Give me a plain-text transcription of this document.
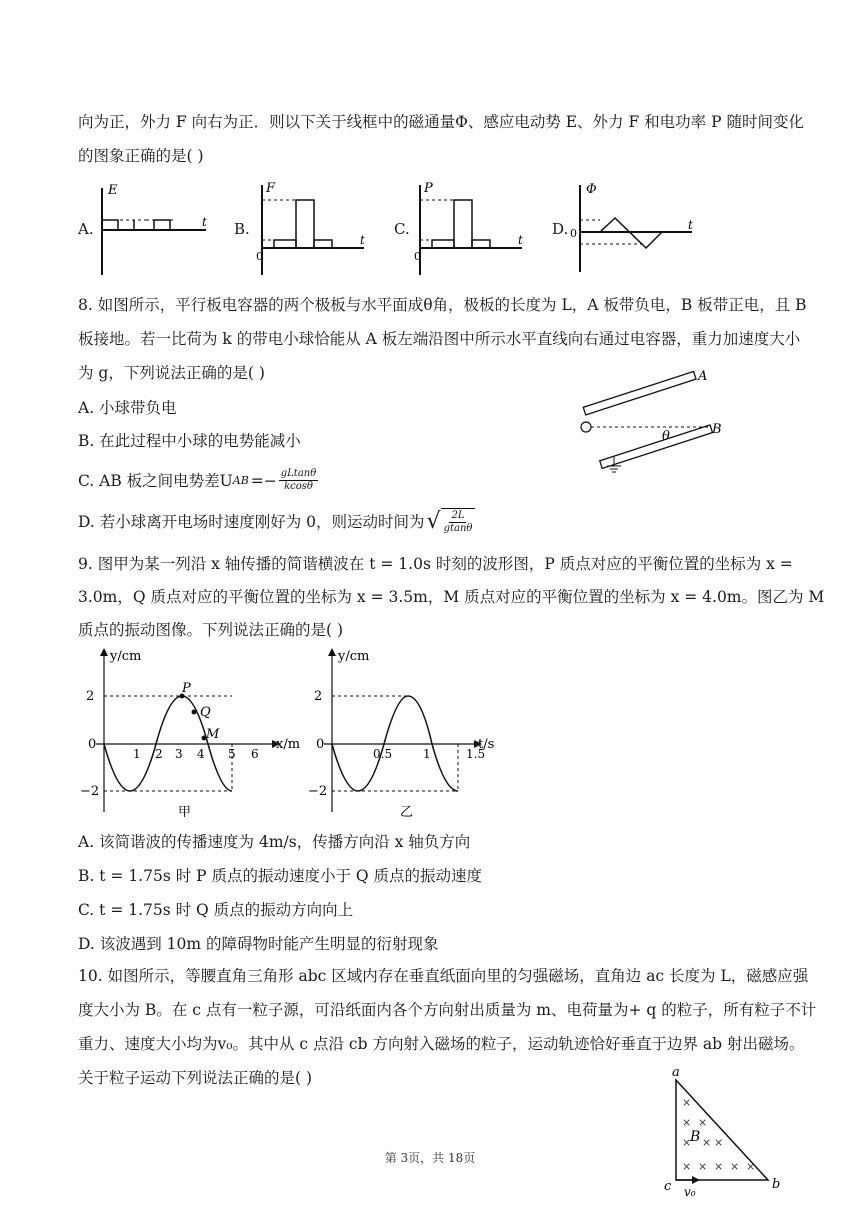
向为正，外力 F 向右为正．则以下关于线框中的磁通量Φ、感应电动势 E、外力 F 和电功率 P 随时间变化
的图象正确的是( )
A.
E
t B.
0
F
t
C.
0
P
t
D. 0
Φ
t
8. 如图所示，平行板电容器的两个极板与水平面成θ角，极板的长度为 L，A 板带负电，B 板带正电，且 B
板接地。若一比荷为 k 的带电小球恰能从 A 板左端沿图中所示水平直线向右通过电容器，重力加速度大小
为 g，下列说法正确的是( )
A. 小球带负电
B. 在此过程中小球的电势能减小
C. AB 板之间电势差U AB =− $\frac{gLtan\theta}{kcos\theta}$
D. 若小球离开电场时速度刚好为 0，则运动时间为 √ $\frac{2L}{gtan\theta}$
A
B
θ
9. 图甲为某一列沿 x 轴传播的简谐横波在 t = 1.0s 时刻的波形图，P 质点对应的平衡位置的坐标为 x =
3.0m，Q 质点对应的平衡位置的坐标为 x = 3.5m，M 质点对应的平衡位置的坐标为 x = 4.0m。图乙为 M
质点的振动图像。下列说法正确的是( )
y/cm
x/m
2
0
−2
1 2 3 4 5 6
P
Q
M
甲
y/cm
t/s
2
0
−2
0.5	1	1.5
乙
A. 该简谐波的传播速度为 4m/s，传播方向沿 x 轴负方向
B. t = 1.75s 时 P 质点的振动速度小于 Q 质点的振动速度
C. t = 1.75s 时 Q 质点的振动方向向上
D. 该波遇到 10m 的障碍物时能产生明显的衍射现象
10. 如图所示，等腰直角三角形 abc 区域内存在垂直纸面向里的匀强磁场，直角边 ac 长度为 L，磁感应强
度大小为 B。在 c 点有一粒子源，可沿纸面内各个方向射出质量为 m、电荷量为+ q 的粒子，所有粒子不计
重力、速度大小均为v₀。其中从 c 点沿 cb 方向射入磁场的粒子，运动轨迹恰好垂直于边界 ab 射出磁场。
关于粒子运动下列说法正确的是( )	a
b
c
B
×
× ×
× × ×
× × × × ×
v₀
第 3页，共 18页
